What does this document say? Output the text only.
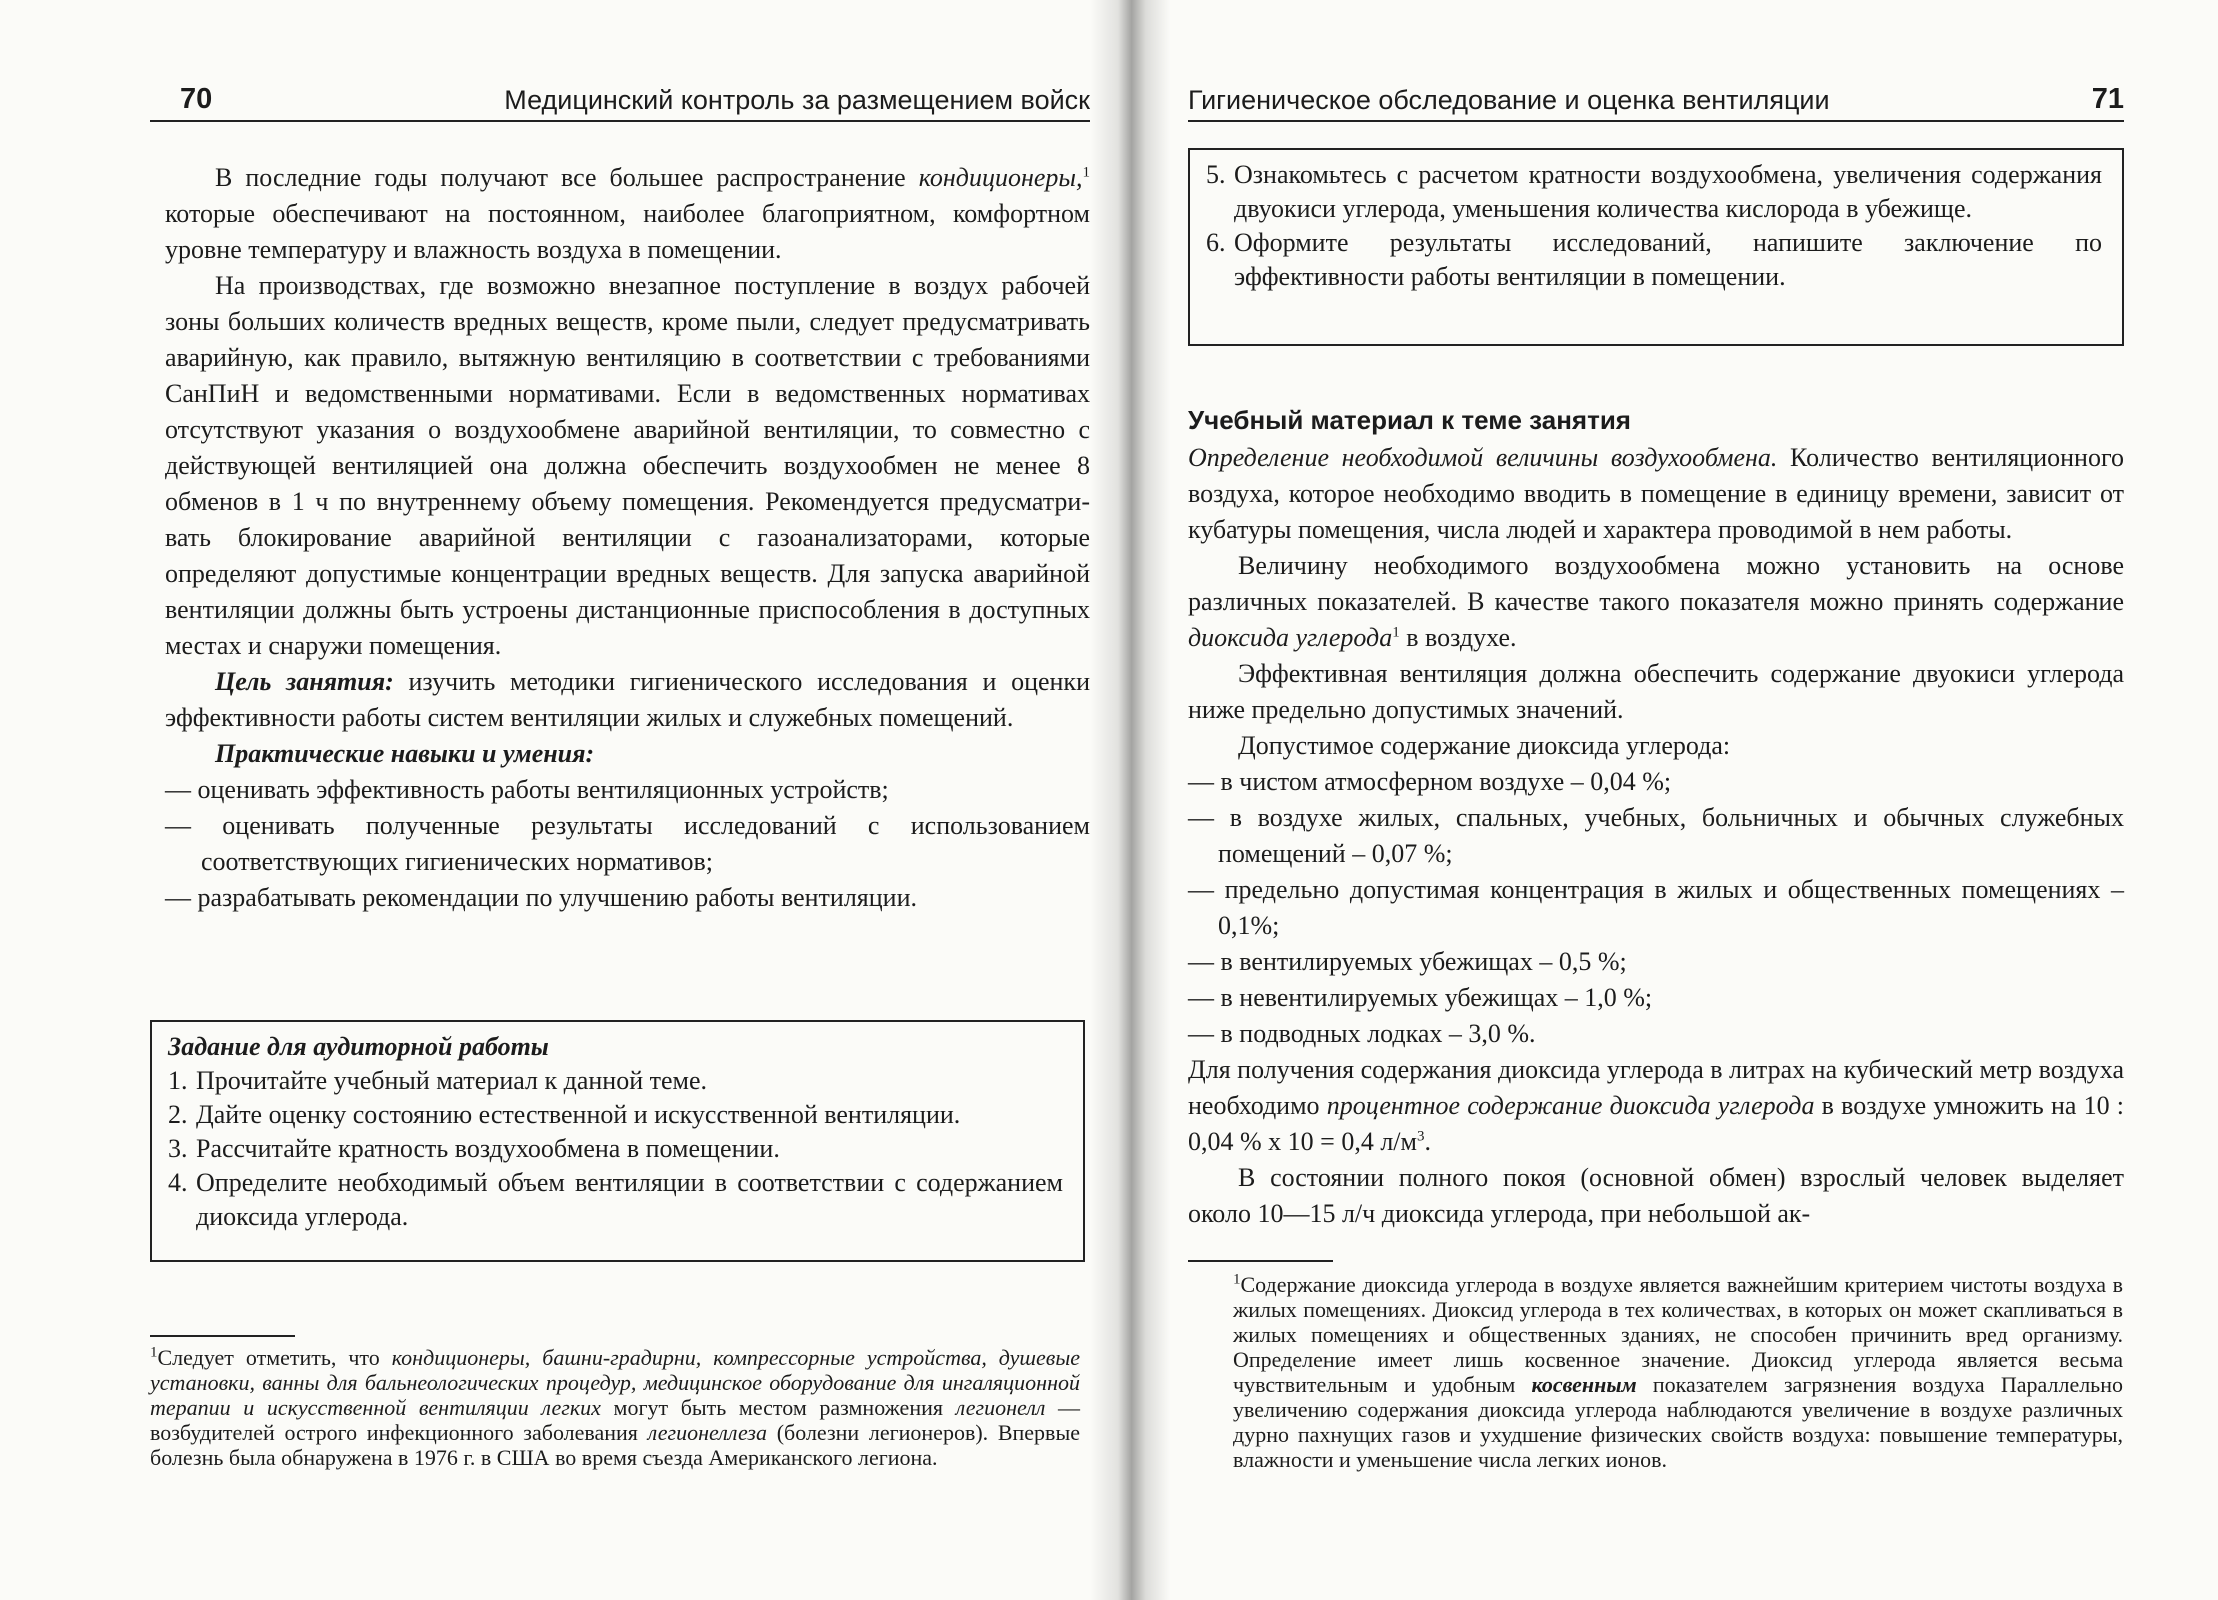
70	Медицинский контроль за размещением войск

В последние годы получают все большее распространение кондиционеры,$^1$ которые обеспечивают на постоянном, наиболее благоприятном, комфортном уровне температуру и влажность воздуха в помещении.

На производствах, где возможно внезапное поступление в воздух рабочей зоны больших количеств вредных веществ, кроме пыли, следует предусматривать аварийную, как правило, вытяжную вентиляцию в соответствии с требованиями СанПиН и ведомственными нормативами. Если в ведомственных нормативах отсутствуют указания о воздухообмене аварийной вентиляции, то совместно с действующей вентиляцией она должна обеспечить воздухообмен не менее 8 обменов в 1 ч по внутреннему объему помещения. Рекомендуется предусматривать блокирование аварийной вентиляции с газоанализаторами, которые определяют допустимые концентрации вредных веществ. Для запуска аварийной вентиляции должны быть устроены дистанционные приспособления в доступных местах и снаружи помещения.

Цель занятия: изучить методики гигиенического исследования и оценки эффективности работы систем вентиляции жилых и служебных помещений.

Практические навыки и умения:

— оценивать эффективность работы вентиляционных устройств;
— оценивать полученные результаты исследований с использованием соответствующих гигиенических нормативов;
— разрабатывать рекомендации по улучшению работы вентиляции.
Задание для аудиторной работы
1. Прочитайте учебный материал к данной теме.
2. Дайте оценку состоянию естественной и искусственной вентиляции.
3. Рассчитайте кратность воздухообмена в помещении.
4. Определите необходимый объем вентиляции в соответствии с содержанием диоксида углерода.
$^1$Следует отметить, что кондиционеры, башни-градирни, компрессорные устройства, душевые установки, ванны для бальнеологических процедур, медицинское оборудование для ингаляционной терапии и искусственной вентиляции легких могут быть местом размножения легионелл — возбудителей острого инфекционного заболевания легионеллеза (болезни легионеров). Впервые болезнь была обнаружена в 1976 г. в США во время съезда Американского легиона.
Гигиеническое обследование и оценка вентиляции	71
5. Ознакомьтесь с расчетом кратности воздухообмена, увеличения содержания двуокиси углерода, уменьшения количества кислорода в убежище.
6. Оформите результаты исследований, напишите заключение по эффективности работы вентиляции в помещении.
Учебный материал к теме занятия

Определение необходимой величины воздухообмена. Количество вентиляционного воздуха, которое необходимо вводить в помещение в единицу времени, зависит от кубатуры помещения, числа людей и характера проводимой в нем работы.

Величину необходимого воздухообмена можно установить на основе различных показателей. В качестве такого показателя можно принять содержание диоксида углерода$^1$ в воздухе.

Эффективная вентиляция должна обеспечить содержание двуокиси углерода ниже предельно допустимых значений.

Допустимое содержание диоксида углерода:

— в чистом атмосферном воздухе – 0,04 %;
— в воздухе жилых, спальных, учебных, больничных и обычных служебных помещений – 0,07 %;
— предельно допустимая концентрация в жилых и общественных помещениях – 0,1%;
— в вентилируемых убежищах – 0,5 %;
— в невентилируемых убежищах – 1,0 %;
— в подводных лодках – 3,0 %.

Для получения содержания диоксида углерода в литрах на кубический метр воздуха необходимо процентное содержание диоксида углерода в воздухе умножить на 10 : 0,04 % х 10 = 0,4 $л/м^3$.

В состоянии полного покоя (основной обмен) взрослый человек выделяет около 10—15 л/ч диоксида углерода, при небольшой ак-

$^1$Содержание диоксида углерода в воздухе является важнейшим критерием чистоты воздуха в жилых помещениях. Диоксид углерода в тех количествах, в которых он может скапливаться в жилых помещениях и общественных зданиях, не способен причинить вред организму. Определение имеет лишь косвенное значение. Диоксид углерода является весьма чувствительным и удобным косвенным показателем загрязнения воздуха Параллельно увеличению содержания диоксида углерода наблюдаются увеличение в воздухе различных дурно пахнущих газов и ухудшение физических свойств воздуха: повышение температуры, влажности и уменьшение числа легких ионов.
